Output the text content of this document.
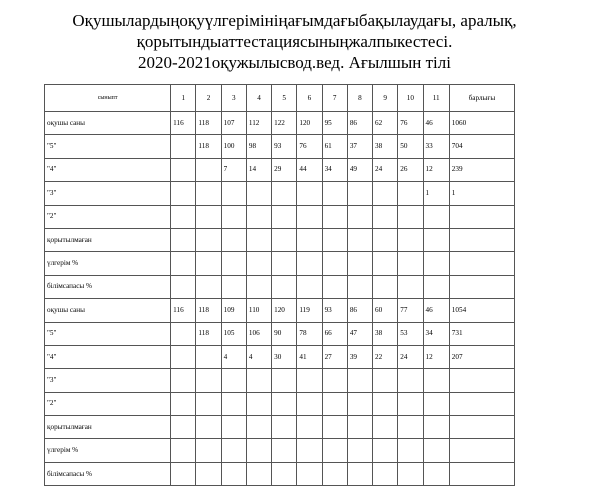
Оқушылардыңоқуүлгерімініңағымдағыбақылаудағы, аралық,
қорытындыаттестациясыныңжалпыкестесі.
2020-2021оқужылысвод.вед. Ағылшын тілі
сыныпт	1	2	3	4	5	6	7	8	9	10	11	барлығы
оқушы саны	116	118	107	112	122	120	95	86	62	76	46	1060
"5"		118	100	98	93	76	61	37	38	50	33	704
"4"			7	14	29	44	34	49	24	26	12	239
"3"											1	1
"2"												
қорытылмаған												
үлгерім %												
білімсапасы %												
оқушы саны	116	118	109	110	120	119	93	86	60	77	46	1054
"5"		118	105	106	90	78	66	47	38	53	34	731
"4"			4	4	30	41	27	39	22	24	12	207
"3"												
"2"												
қорытылмаған												
үлгерім %												
білімсапасы %												
